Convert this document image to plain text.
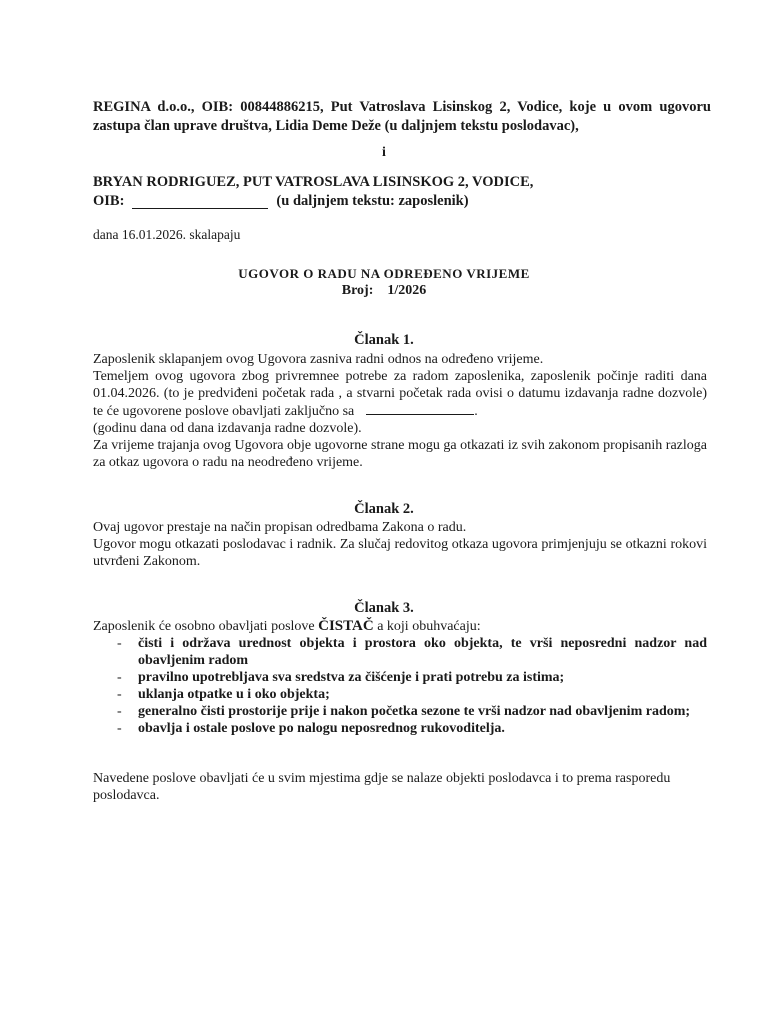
REGINA d.o.o., OIB: 00844886215, Put Vatroslava Lisinskog 2, Vodice, koje u ovom ugovoru zastupa član uprave društva, Lidia Deme Deže (u daljnjem tekstu poslodavac),
i
BRYAN RODRIGUEZ, PUT VATROSLAVA LISINSKOG 2, VODICE,
OIB:	(u daljnjem tekstu: zaposlenik)
dana 16.01.2026. skalapaju
UGOVOR O RADU NA ODREĐENO VRIJEME
Broj: 1/2026
Članak 1.

Zaposlenik sklapanjem ovog Ugovora zasniva radni odnos na određeno vrijeme.

Temeljem ovog ugovora zbog privremnee potrebe za radom zaposlenika, zaposlenik počinje raditi dana 01.04.2026. (to je predviđeni početak rada , a stvarni početak rada ovisi o datumu izdavanja radne dozvole) te će ugovorene poslove obavljati zaključno sa	.

(godinu dana od dana izdavanja radne dozvole).

Za vrijeme trajanja ovog Ugovora obje ugovorne strane mogu ga otkazati iz svih zakonom propisanih razloga za otkaz ugovora o radu na neodređeno vrijeme.

Članak 2.

Ovaj ugovor prestaje na način propisan odredbama Zakona o radu.

Ugovor mogu otkazati poslodavac i radnik. Za slučaj redovitog otkaza ugovora primjenjuju se otkazni rokovi utvrđeni Zakonom.

Članak 3.

Zaposlenik će osobno obavljati poslove ČISTAČ a koji obuhvaćaju:

- čisti i održava urednost objekta i prostora oko objekta, te vrši neposredni nadzor nad obavljenim radom
- pravilno upotrebljava sva sredstva za čišćenje i prati potrebu za istima;
- uklanja otpatke u i oko objekta;
- generalno čisti prostorije prije i nakon početka sezone te vrši nadzor nad obavljenim radom;
- obavlja i ostale poslove po nalogu neposrednog rukovoditelja.
Navedene poslove obavljati će u svim mjestima gdje se nalaze objekti poslodavca i to prema rasporedu poslodavca.
